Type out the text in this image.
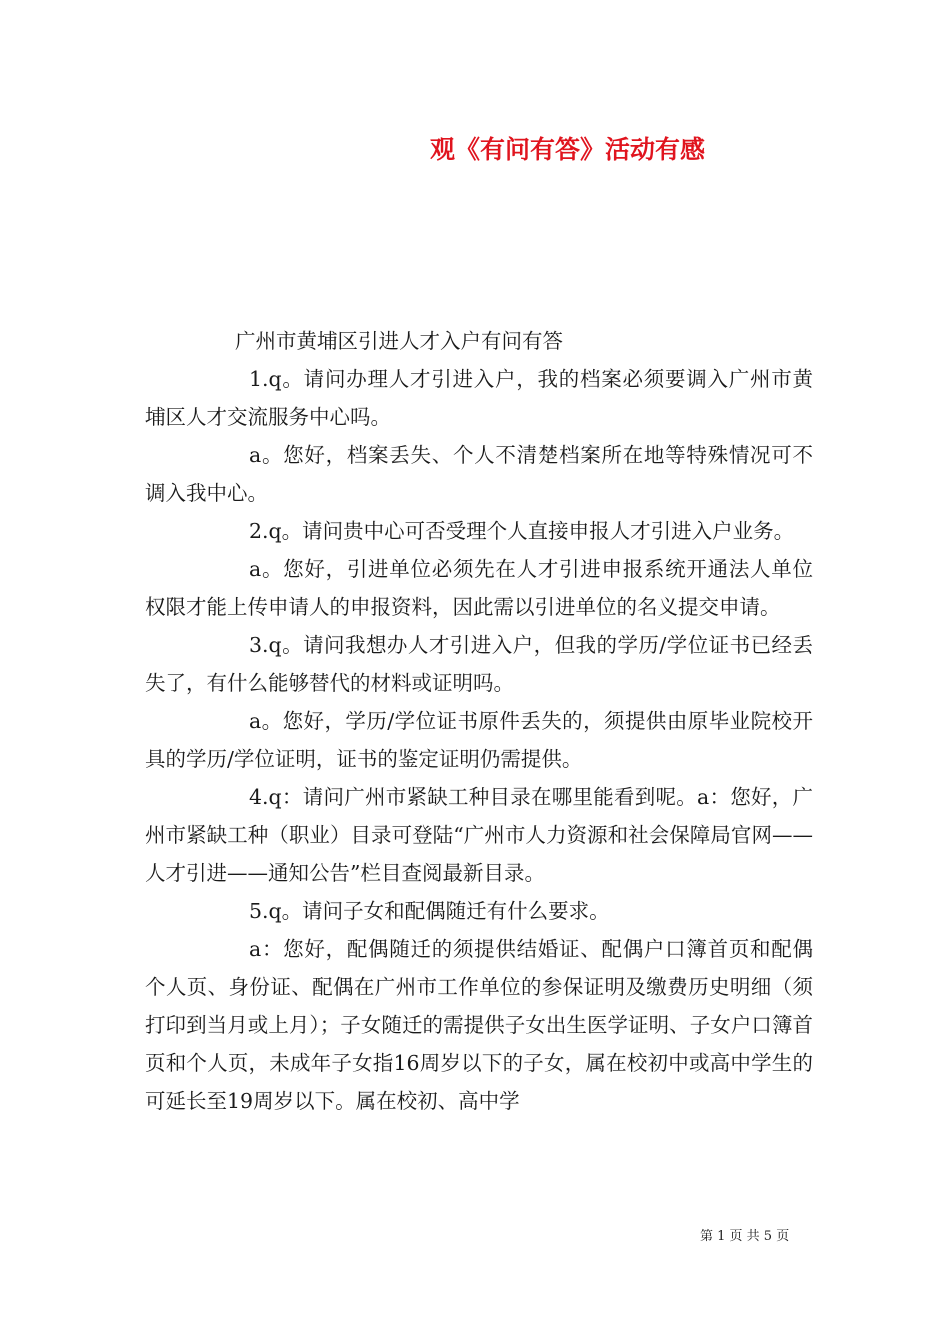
观《有问有答》活动有感

广州市黄埔区引进人才入户有问有答

1.q。请问办理人才引进入户，我的档案必须要调入广州市黄埔区人才交流服务中心吗。

a。您好，档案丢失、个人不清楚档案所在地等特殊情况可不调入我中心。

2.q。请问贵中心可否受理个人直接申报人才引进入户业务。

a。您好，引进单位必须先在人才引进申报系统开通法人单位权限才能上传申请人的申报资料，因此需以引进单位的名义提交申请。

3.q。请问我想办人才引进入户，但我的学历/学位证书已经丢失了，有什么能够替代的材料或证明吗。

a。您好，学历/学位证书原件丢失的，须提供由原毕业院校开具的学历/学位证明，证书的鉴定证明仍需提供。

4.q：请问广州市紧缺工种目录在哪里能看到呢。a：您好，广州市紧缺工种（职业）目录可登陆“广州市人力资源和社会保障局官网——人才引进——通知公告”栏目查阅最新目录。

5.q。请问子女和配偶随迁有什么要求。

a：您好，配偶随迁的须提供结婚证、配偶户口簿首页和配偶个人页、身份证、配偶在广州市工作单位的参保证明及缴费历史明细（须打印到当月或上月）；子女随迁的需提供子女出生医学证明、子女户口簿首页和个人页，未成年子女指16周岁以下的子女，属在校初中或高中学生的可延长至19周岁以下。属在校初、高中学

第 1 页 共 5 页
